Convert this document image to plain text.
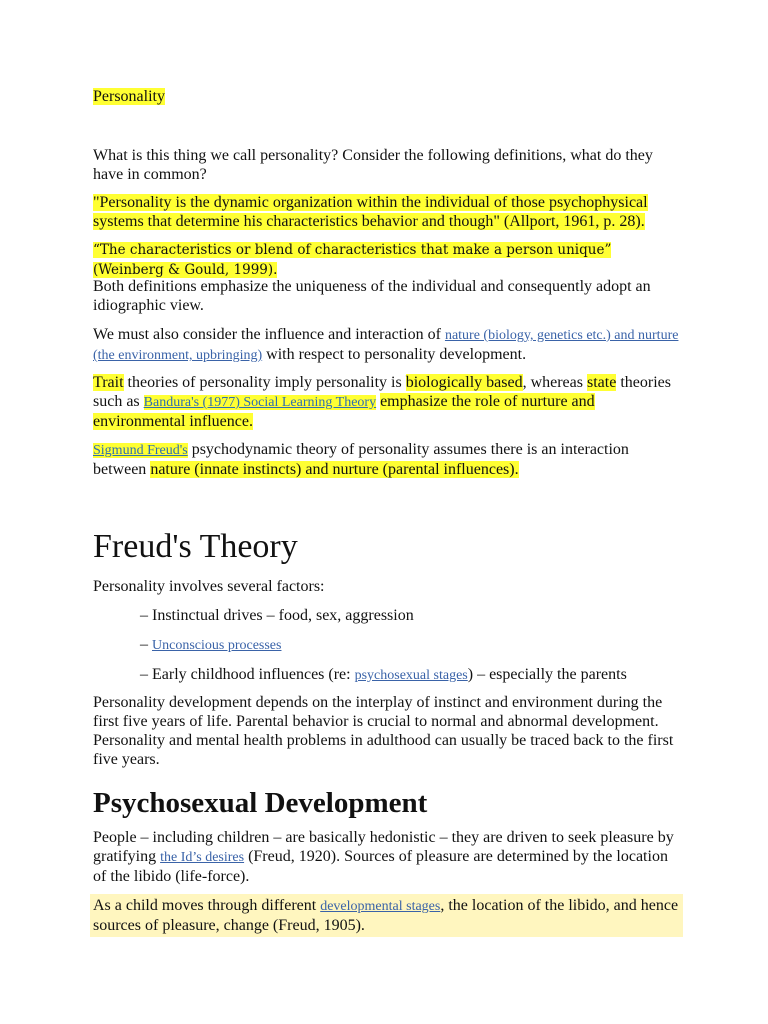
Personality

What is this thing we call personality? Consider the following definitions, what do they have in common?

"Personality is the dynamic organization within the individual of those psychophysical systems that determine his characteristics behavior and though" (Allport, 1961, p. 28).

“The characteristics or blend of characteristics that make a person unique” (Weinberg & Gould, 1999).

Both definitions emphasize the uniqueness of the individual and consequently adopt an idiographic view.

We must also consider the influence and interaction of nature (biology, genetics etc.) and nurture (the environment, upbringing) with respect to personality development.

Trait theories of personality imply personality is biologically based, whereas state theories such as Bandura's (1977) Social Learning Theory emphasize the role of nurture and environmental influence.

Sigmund Freud's psychodynamic theory of personality assumes there is an interaction between nature (innate instincts) and nurture (parental influences).

Freud's Theory

Personality involves several factors:

– Instinctual drives – food, sex, aggression
– Unconscious processes
– Early childhood influences (re: psychosexual stages) – especially the parents

Personality development depends on the interplay of instinct and environment during the first five years of life. Parental behavior is crucial to normal and abnormal development. Personality and mental health problems in adulthood can usually be traced back to the first five years.

Psychosexual Development

People – including children – are basically hedonistic – they are driven to seek pleasure by gratifying the Id’s desires (Freud, 1920). Sources of pleasure are determined by the location of the libido (life-force).

As a child moves through different developmental stages, the location of the libido, and hence sources of pleasure, change (Freud, 1905).
